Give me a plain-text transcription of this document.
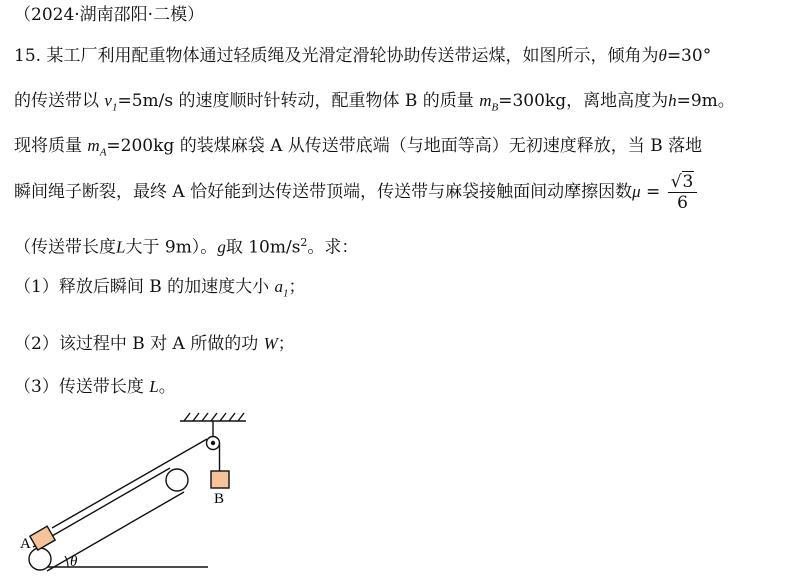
（2024·湖南邵阳·二模）
15. 某工厂利用配重物体通过轻质绳及光滑定滑轮协助传送带运煤，如图所示，倾角为θ=30°
的传送带以 $v_1=5m/s$ 的速度顺时针转动，配重物体 B 的质量 $m_B=300kg$，离地高度为h=9m。
现将质量 $m_A=200kg$ 的装煤麻袋 A 从传送带底端（与地面等高）无初速度释放，当 B 落地
瞬间绳子断裂，最终 A 恰好能到达传送带顶端，传送带与麻袋接触面间动摩擦因数$\mu = \frac{√3}{6}$
（传送带长度L大于 9m）。g取 $10m/s^2$。求：
（1）释放后瞬间 B 的加速度大小 $a_1$；
（2）该过程中 B 对 A 所做的功 W；
（3）传送带长度 L。
B
A
θ
